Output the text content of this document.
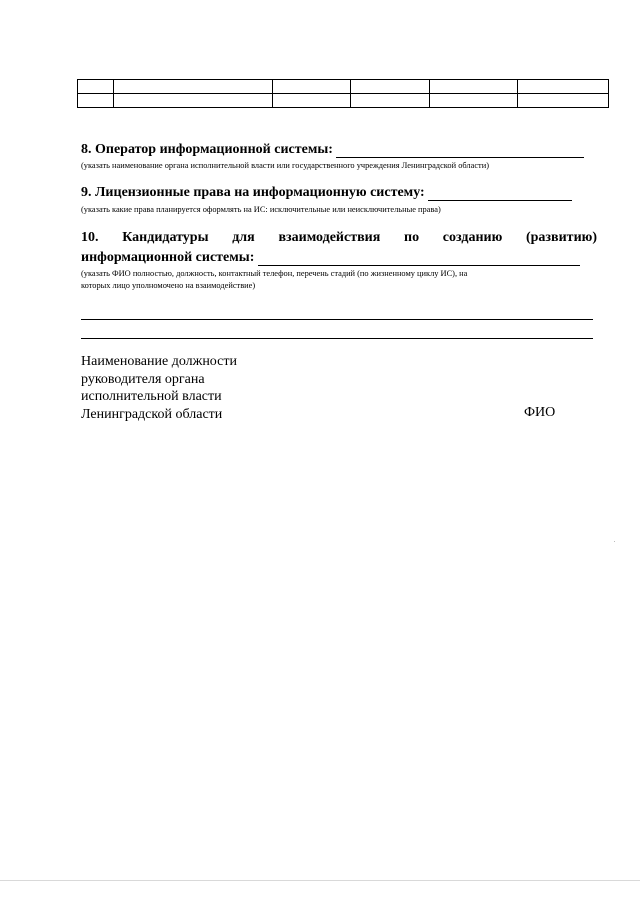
8. Оператор информационной системы:
(указать наименование органа исполнительной власти или государственного учреждения Ленинградской области)
9. Лицензионные права на информационную систему:
(указать какие права планируется оформлять на ИС: исключительные или неисключительные права)
10. Кандидатуры для взаимодействия по созданию (развитию)
информационной системы:
(указать ФИО полностью, должность, контактный телефон, перечень стадий (по жизненному циклу ИС), на
которых лицо уполномочено на взаимодействие)
Наименование должности
руководителя органа
исполнительной власти
Ленинградской области	ФИО
